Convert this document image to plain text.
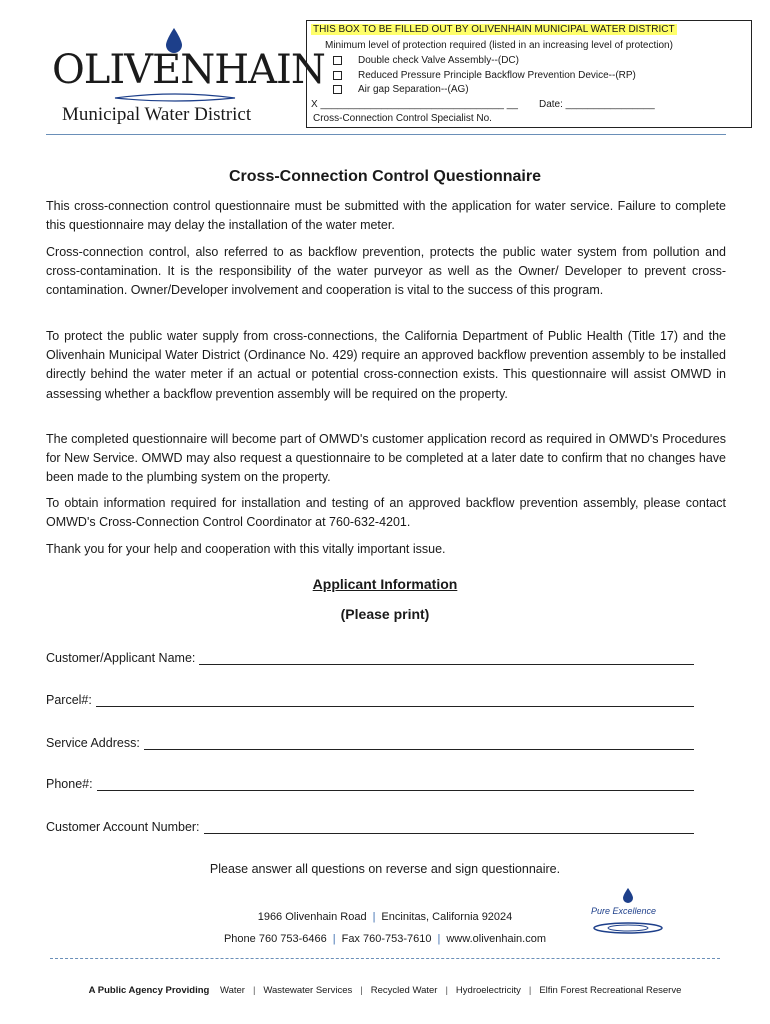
OLIVENHAIN
Municipal Water District
THIS BOX TO BE FILLED OUT BY OLIVENHAIN MUNICIPAL WATER DISTRICT
Minimum level of protection required (listed in an increasing level of protection)
Double check Valve Assembly--(DC)
Reduced Pressure Principle Backflow Prevention Device--(RP)
Air gap Separation--(AG)
X _________________________________ __ Date: ________________
Cross-Connection Control Specialist No.
Cross-Connection Control Questionnaire

This cross-connection control questionnaire must be submitted with the application for water service. Failure to complete this questionnaire may delay the installation of the water meter.

Cross-connection control, also referred to as backflow prevention, protects the public water system from pollution and cross-contamination. It is the responsibility of the water purveyor as well as the Owner/ Developer to prevent cross-contamination. Owner/Developer involvement and cooperation is vital to the success of this program.

To protect the public water supply from cross-connections, the California Department of Public Health (Title 17) and the Olivenhain Municipal Water District (Ordinance No. 429) require an approved backflow prevention assembly to be installed directly behind the water meter if an actual or potential cross-connection exists. This questionnaire will assist OMWD in assessing whether a backflow prevention assembly will be required on the property.

The completed questionnaire will become part of OMWD's customer application record as required in OMWD's Procedures for New Service. OMWD may also request a questionnaire to be completed at a later date to confirm that no changes have been made to the plumbing system on the property.

To obtain information required for installation and testing of an approved backflow prevention assembly, please contact OMWD's Cross-Connection Control Coordinator at 760-632-4201.

Thank you for your help and cooperation with this vitally important issue.

Applicant Information
(Please print)
Customer/Applicant Name:
Parcel#:
Service Address:
Phone#:
Customer Account Number:
Please answer all questions on reverse and sign questionnaire.
1966 Olivenhain Road | Encinitas, California 92024
Phone 760 753-6466 | Fax 760-753-7610 | www.olivenhain.com
Pure Excellence
A Public Agency Providing Water | Wastewater Services | Recycled Water | Hydroelectricity | Elfin Forest Recreational Reserve
